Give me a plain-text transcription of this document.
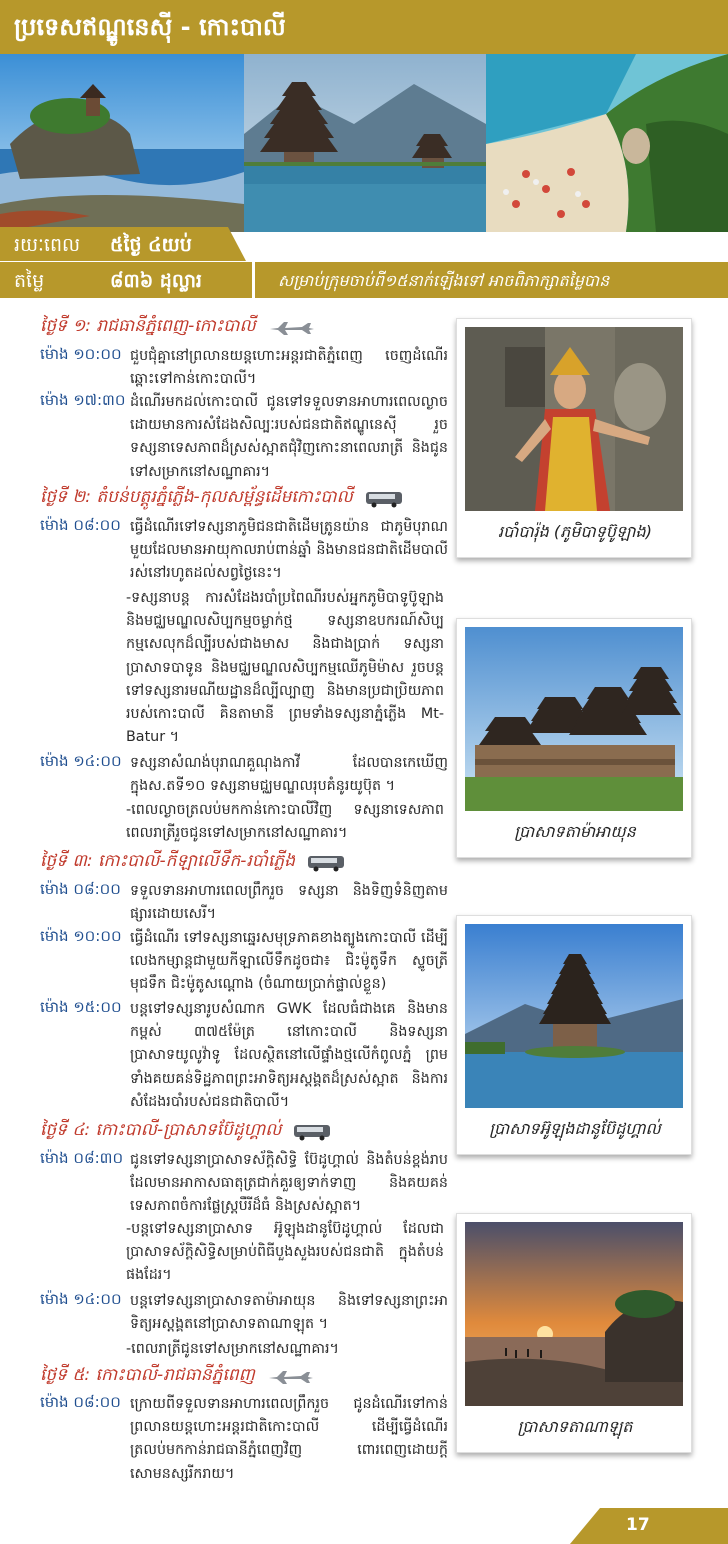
ប្រទេសឥណ្ឌូនេស៊ី - កោះបាលី
រយៈពេល ៥ថ្ងៃ ៤យប់
តម្លៃ	៨៣៦ ដុល្លារ	សម្រាប់ក្រុមចាប់ពី១៥នាក់ឡើងទៅ អាចពិភាក្សាតម្លៃបាន
ថ្ងៃទី ១: រាជធានីភ្នំពេញ-កោះបាលី
ម៉ោង ១០:០០ ជួបជុំគ្នានៅព្រលានយន្តហោះអន្តរជាតិភ្នំពេញ ចេញដំណើរឆ្ពោះទៅកាន់កោះបាលី។
ម៉ោង ១៧:៣០ ដំណើរមកដល់កោះបាលី ជូនទៅទទួលទានអាហារពេលល្ងាច ដោយមានការសំដែងសិល្បៈរបស់ជនជាតិឥណ្ឌូនេស៊ី រួចទស្សនាទេសភាពដ៏ស្រស់ស្អាតជុំវិញកោះនាពេលរាត្រី និងជូនទៅសម្រាកនៅសណ្ឋាគារ។
ថ្ងៃទី ២: តំបន់បត្តូរភ្នំភ្លើង-កុលសម្ព័ន្ធដើមកោះបាលី
ម៉ោង ០៨:០០ ធ្វើដំណើរទៅទស្សនាភូមិជនជាតិដើមត្រូនយ៉ាន ជាភូមិបុរាណមួយដែលមានអាយុកាលរាប់ពាន់ឆ្នាំ និងមានជនជាតិដើមបាលីរស់នៅរហូតដល់សព្វថ្ងៃនេះ។
-ទស្សនាបន្ត ការសំដែងរបាំប្រពៃណីរបស់អ្នកភូមិបាទូប៊ូឡាង និងមជ្ឈមណ្ឌលសិប្បកម្មចម្លាក់ថ្ម ទស្សនាឧបករណ៍សិប្បកម្មសេលុកដ៏ល្បីរបស់ជាងមាស និងជាងប្រាក់ ទស្សនាប្រាសាទបាទូន និងមជ្ឈមណ្ឌលសិប្បកម្មឈើភូមិម៉ាស រួចបន្តទៅទស្សនារមណីយដ្ឋានដ៏ល្បីល្បាញ និងមានប្រជាប្រិយភាពរបស់កោះបាលី គិនតាមានី ព្រមទាំងទស្សនាភ្នំភ្លើង Mt-Batur ។
ម៉ោង ១៤:០០ ទស្សនាសំណង់បុរាណគួណុងកាវី ដែលបានកេឃើញក្នុងស.តទី១០ ទស្សនាមជ្ឈមណ្ឌលរុបគំនូរយូប៊ុត ។
-ពេលល្ងាចត្រលប់មកកាន់កោះបាលីវិញ ទស្សនាទេសភាពពេលរាត្រីរួចជូនទៅសម្រាកនៅសណ្ឋាគារ។
ថ្ងៃទី ៣: កោះបាលី-កីឡាលើទឹក-របាំភ្លើង
ម៉ោង ០៨:០០ ទទួលទានអាហារពេលព្រឹករួច ទស្សនា និងទិញទំនិញតាមផ្សារដោយសេរី។
ម៉ោង ១០:០០ ធ្វើដំណើរ ទៅទស្សនាឆ្នេរសមុទ្រភាគខាងត្បូងកោះបាលី ដើម្បីលេងកម្សាន្តជាមួយកីឡាលើទឹកដូចជា៖ ជិះម៉ូតូទឹក ស្ទូចត្រី មុជទឹក ជិះម៉ូតូសណ្តោង (ចំណាយប្រាក់ផ្ទាល់ខ្លួន)
ម៉ោង ១៥:០០ បន្តទៅទស្សនារូបសំណាក GWK ដែលធំជាងគេ និងមានកម្ពស់ ៣៧៥ម៉ែត្រ នៅកោះបាលី និងទស្សនាប្រាសាទយូលូវ៉ាទូ ដែលស្ថិតនៅលើផ្ទាំងថ្មលើកំពូលភ្នំ ព្រមទាំងគយគន់ទិដ្ឋភាពព្រះអាទិត្យអស្តង្គតដ៏ស្រស់ស្អាត និងការសំដែងរបាំរបស់ជនជាតិបាលី។
ថ្ងៃទី ៤: កោះបាលី-ប្រាសាទប៊ែដូហ្គាល់
ម៉ោង ០៨:៣០ ជូនទៅទស្សនាប្រាសាទស័ក្តិសិទ្ធិ ប៊ែដូហ្គាល់ និងតំបន់ខ្ពង់រាបដែលមានអាកាសធាតុត្រជាក់គួរឲ្យទាក់ទាញ និងគយគន់ទេសភាពចំការផ្លែស្ត្របឺរីដ៏ធំ និងស្រស់ស្អាត។
-បន្តទៅទស្សនាប្រាសាទ អ៊ូឡុងដានូប៊ែដូហ្គាល់ ដែលជាប្រាសាទស័ក្តិសិទ្ធិសម្រាប់ពិធីបួងសួងរបស់ជនជាតិ ក្នុងតំបន់ផងដែរ។
ម៉ោង ១៤:០០ បន្តទៅទស្សនាប្រាសាទតាម៉ាអាយុន និងទៅទស្សនាព្រះអាទិត្យអស្តង្គតនៅប្រាសាទតាណាឡុត ។
-ពេលរាត្រីជូនទៅសម្រាកនៅសណ្ឋាគារ។
ថ្ងៃទី ៥: កោះបាលី-រាជធានីភ្នំពេញ
ម៉ោង ០៨:០០ ក្រោយពីទទួលទានអាហារពេលព្រឹករួច ជូនដំណើរទៅកាន់ព្រលានយន្តហោះអន្តរជាតិកោះបាលី ដើម្បីធ្វើដំណើរត្រលប់មកកាន់រាជធានីភ្នំពេញវិញ ពោរពេញដោយក្តីសោមនស្សរីករាយ។
របាំបារ៉ុង (ភូមិបាទូប៊ូឡាង)
ប្រាសាទតាម៉ាអាយុន
ប្រាសាទអ៊ូឡុងដានូប៊ែដូហ្គាល់
ប្រាសាទតាណាឡុត
17
